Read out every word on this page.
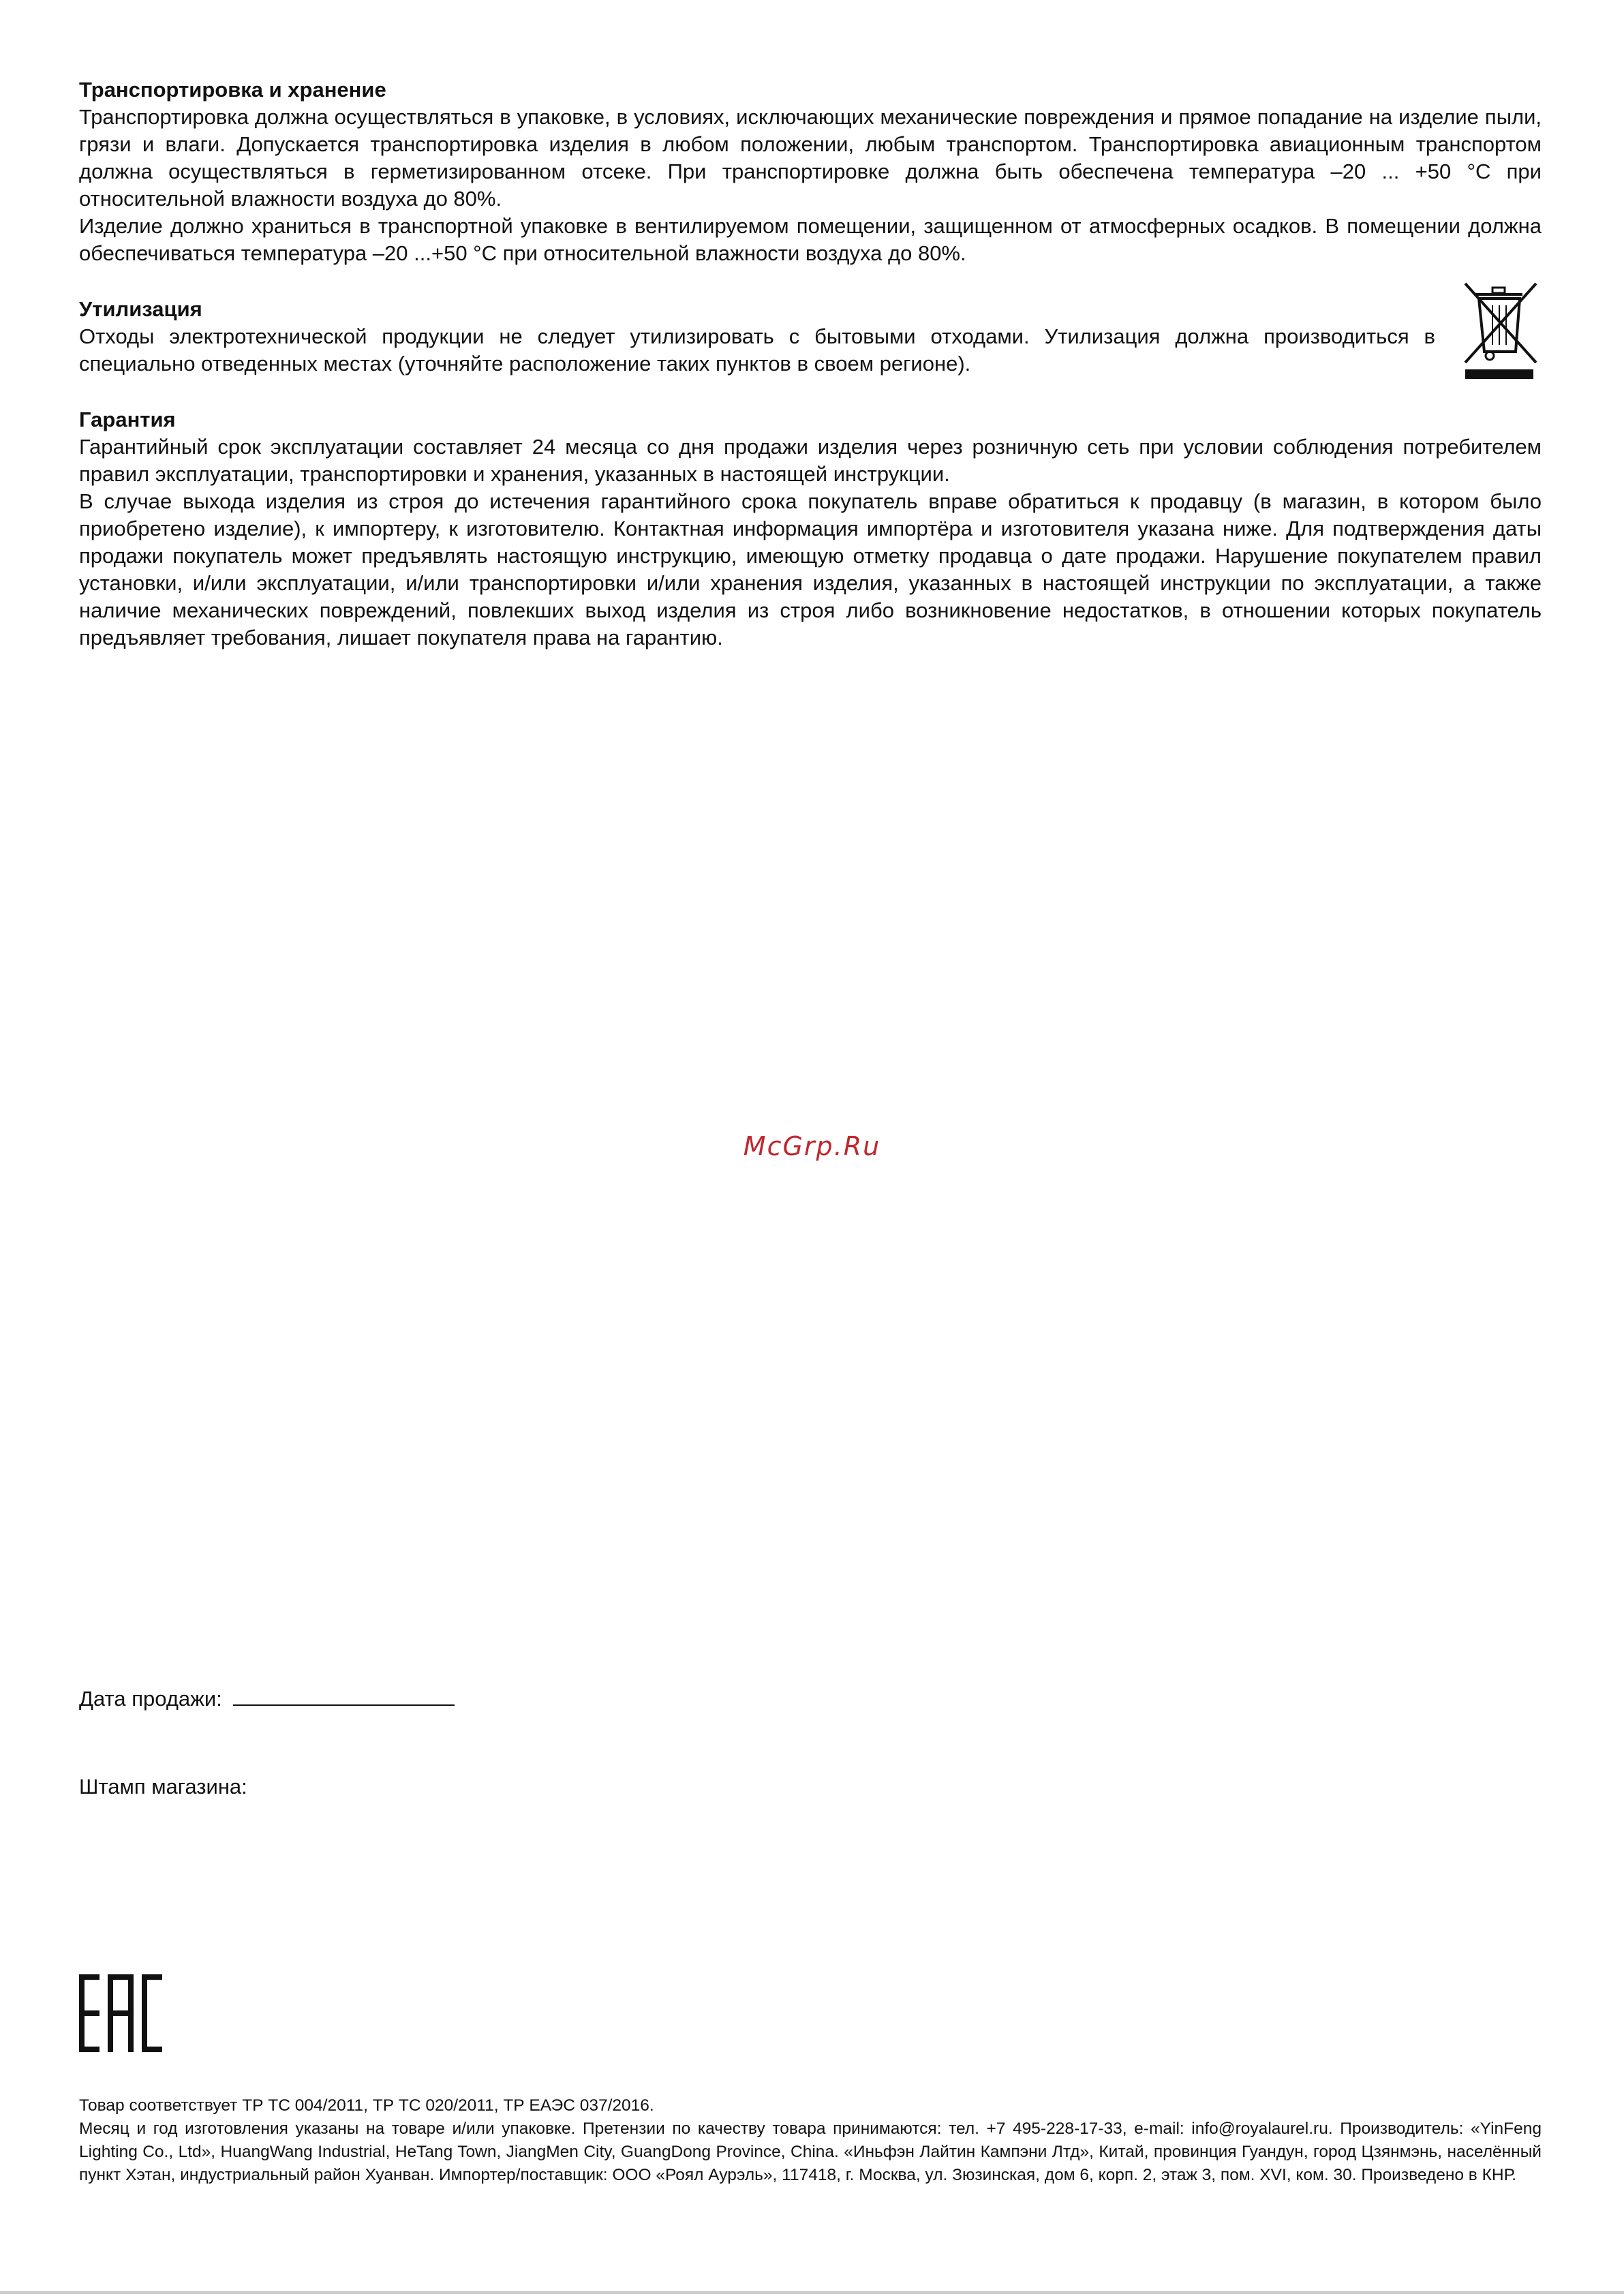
Транспортировка и хранение

Транспортировка должна осуществляться в упаковке, в условиях, исключающих механические повреждения и прямое попадание на изделие пыли, грязи и влаги. Допускается транспортировка изделия в любом положении, любым транспортом. Транспортировка авиационным транспортом должна осуществляться в герметизированном отсеке. При транспортировке должна быть обеспечена температура –20 ... +50 °C при относительной влажности воздуха до 80%.

Изделие должно храниться в транспортной упаковке в вентилируемом помещении, защищенном от атмосферных осадков. В помещении должна обеспечиваться температура –20 ...+50 °C при относительной влажности воздуха до 80%.

Утилизация

Отходы электротехнической продукции не следует утилизировать с бытовыми отходами. Утилизация должна производиться в специально отведенных местах (уточняйте расположение таких пунктов в своем регионе).

Гарантия

Гарантийный срок эксплуатации составляет 24 месяца со дня продажи изделия через розничную сеть при условии соблюдения потребителем правил эксплуатации, транспортировки и хранения, указанных в настоящей инструкции.

В случае выхода изделия из строя до истечения гарантийного срока покупатель вправе обратиться к продавцу (в магазин, в котором было приобретено изделие), к импортеру, к изготовителю. Контактная информация импортёра и изготовителя указана ниже. Для подтверждения даты продажи покупатель может предъявлять настоящую инструкцию, имеющую отметку продавца о дате продажи. Нарушение покупателем правил установки, и/или эксплуатации, и/или транспортировки и/или хранения изделия, указанных в настоящей инструкции по эксплуатации, а также наличие механических повреждений, повлекших выход изделия из строя либо возникновение недостатков, в отношении которых покупатель предъявляет требования, лишает покупателя права на гарантию.

McGrp.Ru
Дата продажи:
Штамп магазина:

Товар соответствует ТР ТС 004/2011, ТР ТС 020/2011, ТР ЕАЭС 037/2016.

Месяц и год изготовления указаны на товаре и/или упаковке. Претензии по качеству товара принимаются: тел. +7 495-228-17-33, e-mail: info@royalaurel.ru. Производитель: «YinFeng Lighting Co., Ltd», HuangWang Industrial, HeTang Town, JiangMen City, GuangDong Province, China. «Иньфэн Лайтин Кампэни Лтд», Китай, провинция Гуандун, город Цзянмэнь, населённый пункт Хэтан, индустриальный район Хуанван. Импортер/поставщик: ООО «Роял Аурэль», 117418, г. Москва, ул. Зюзинская, дом 6, корп. 2, этаж 3, пом. XVI, ком. 30. Произведено в КНР.
